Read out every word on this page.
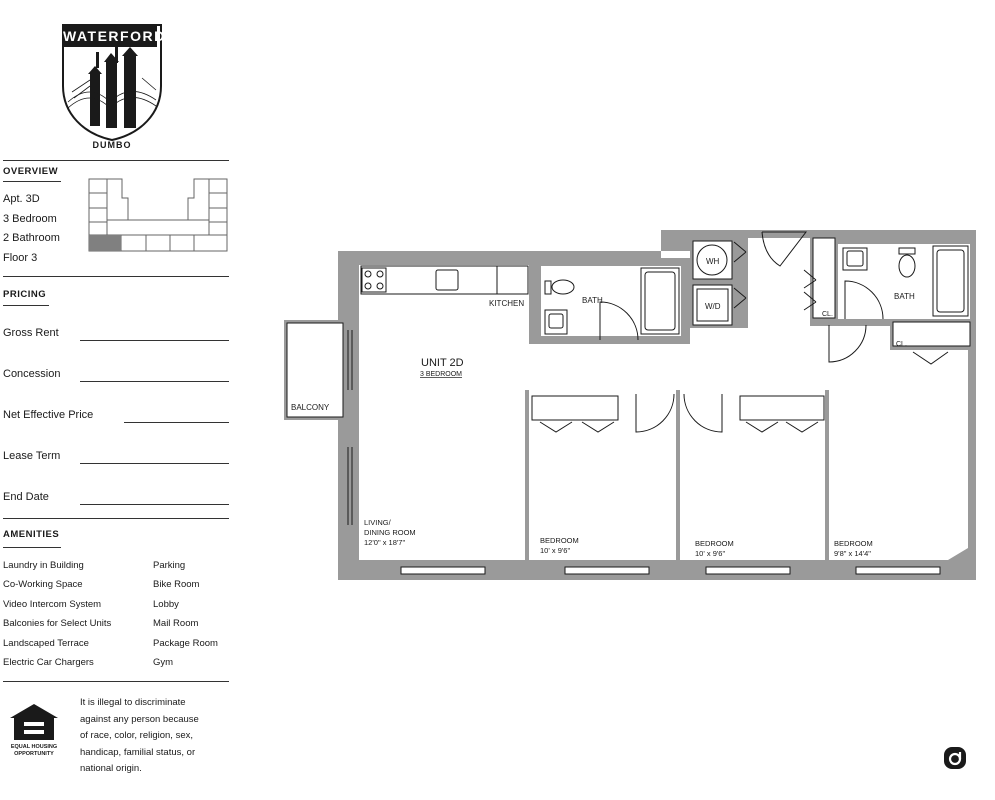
WATERFORD
DUMBO
OVERVIEW
Apt. 3D
3 Bedroom
2 Bathroom
Floor 3
PRICING
Gross Rent
Concession
Net Effective Price
Lease Term
End Date
AMENITIES
Laundry in Building
Co-Working Space
Video Intercom System
Balconies for Select Units
Landscaped Terrace
Electric Car Chargers
Parking
Bike Room
Lobby
Mail Room
Package Room
Gym
EQUAL HOUSING
OPPORTUNITY
It is illegal to discriminate
against any person because
of race, color, religion, sex,
handicap, familial status, or
national origin.
KITCHEN	BATH
WH
W/D
BATH
CL.
CL.
BALCONY
UNIT 2D
3 BEDROOM
LIVING/
DINING ROOM
12'0" x 18'7"	BEDROOM
10' x 9'6"
BEDROOM
10' x 9'6"
BEDROOM
9'8" x 14'4"
